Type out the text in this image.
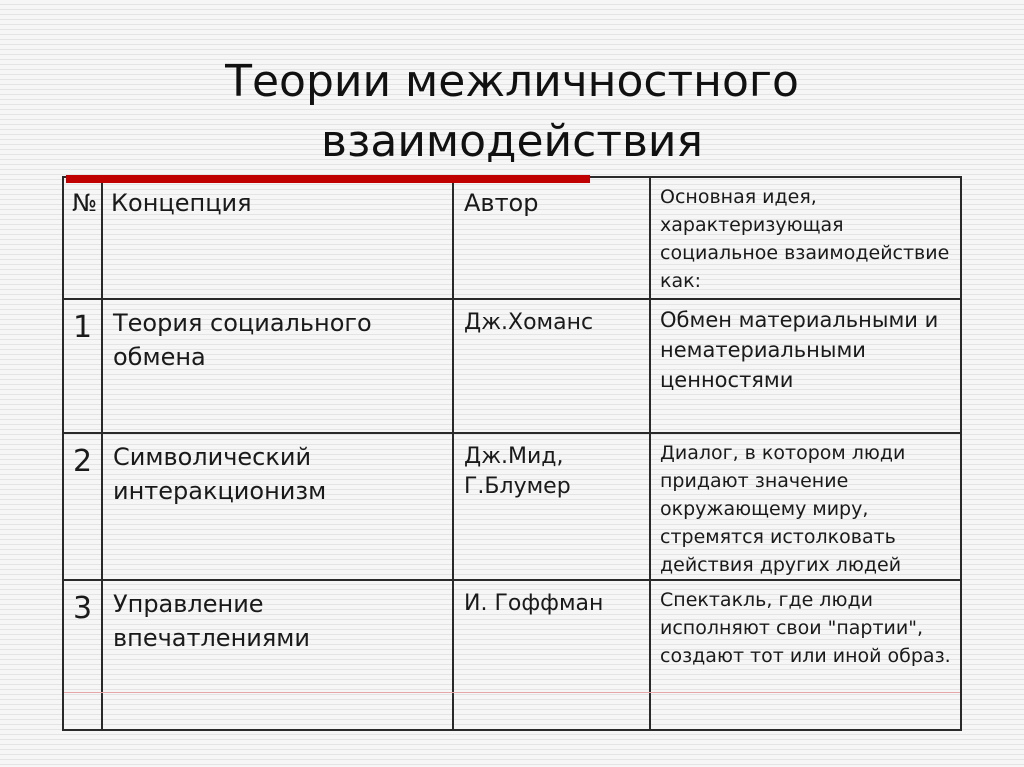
Теории межличностного
взаимодействия
№	Концепция	Автор	Основная идея, характеризующая социальное взаимодействие как:

1	Теория социального обмена	Дж.Хоманс	Обмен материальными и нематериальными ценностями

2	Символический интеракционизм	Дж.Мид, Г.Блумер	Диалог, в котором люди придают значение окружающему миру, стремятся истолковать действия других людей

3	Управление впечатлениями	И. Гоффман	Спектакль, где люди исполняют свои "партии", создают тот или иной образ.
